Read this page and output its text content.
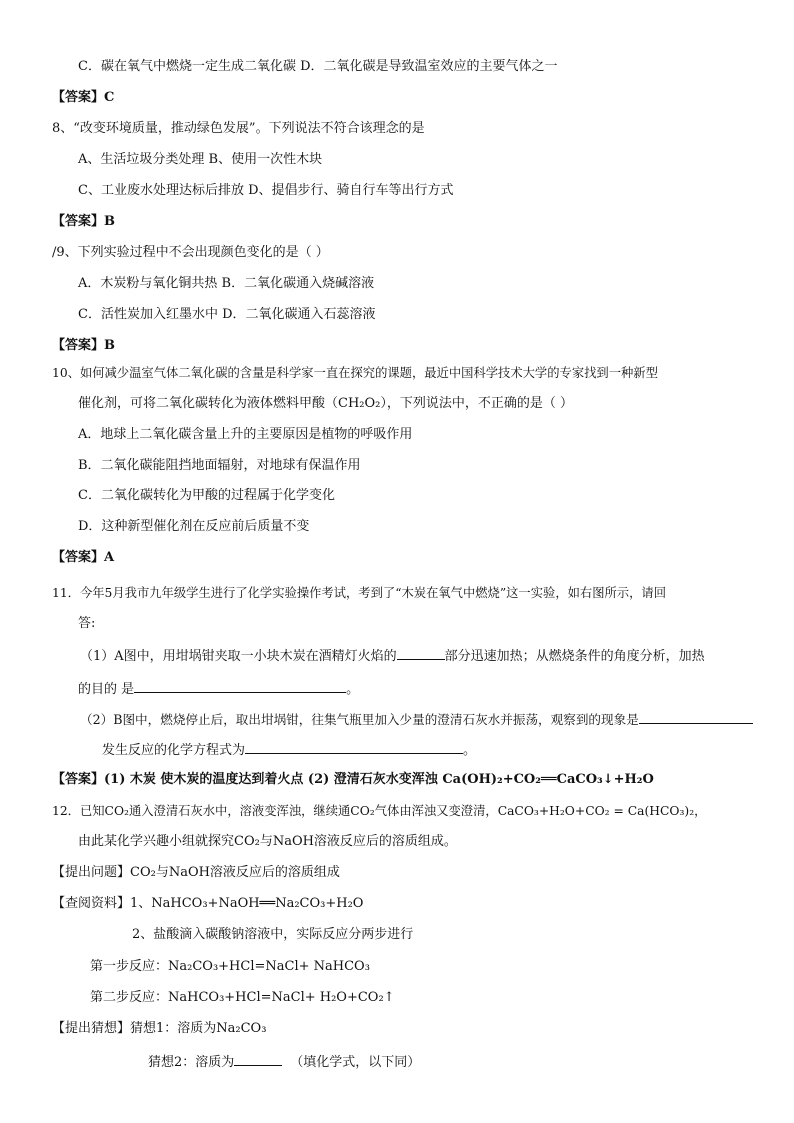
C．碳在氧气中燃烧一定生成二氧化碳 D．二氧化碳是导致温室效应的主要气体之一
【答案】C
8、“改变环境质量，推动绿色发展”。下列说法不符合该理念的是
A、生活垃圾分类处理 B、使用一次性木块
C、工业废水处理达标后排放 D、提倡步行、骑自行车等出行方式
【答案】B
/9、下列实验过程中不会出现颜色变化的是（ ）
A．木炭粉与氧化铜共热 B．二氧化碳通入烧碱溶液
C．活性炭加入红墨水中 D．二氧化碳通入石蕊溶液
【答案】B
10、如何减少温室气体二氧化碳的含量是科学家一直在探究的课题，最近中国科学技术大学的专家找到一种新型
催化剂，可将二氧化碳转化为液体燃料甲酸（CH₂O₂），下列说法中，不正确的是（ ）
A．地球上二氧化碳含量上升的主要原因是植物的呼吸作用
B．二氧化碳能阻挡地面辐射，对地球有保温作用
C．二氧化碳转化为甲酸的过程属于化学变化
D．这种新型催化剂在反应前后质量不变
【答案】A
11．今年5月我市九年级学生进行了化学实验操作考试，考到了“木炭在氧气中燃烧”这一实验，如右图所示，请回
答:
（1）A图中，用坩埚钳夹取一小块木炭在酒精灯火焰的	部分迅速加热；从燃烧条件的角度分析，加热
的目的 是	。
（2）B图中，燃烧停止后，取出坩埚钳，往集气瓶里加入少量的澄清石灰水并振荡，观察到的现象是
发生反应的化学方程式为	。
【答案】(1) 木炭 使木炭的温度达到着火点 (2) 澄清石灰水变浑浊 Ca(OH)₂+CO₂══CaCO₃↓+H₂O
12．已知CO₂通入澄清石灰水中，溶液变浑浊，继续通CO₂气体由浑浊又变澄清，CaCO₃+H₂O+CO₂ = Ca(HCO₃)₂，
由此某化学兴趣小组就探究CO₂与NaOH溶液反应后的溶质组成。
【提出问题】CO₂与NaOH溶液反应后的溶质组成
【查阅资料】1、NaHCO₃+NaOH══Na₂CO₃+H₂O
2、盐酸滴入碳酸钠溶液中，实际反应分两步进行
第一步反应：Na₂CO₃+HCl=NaCl+ NaHCO₃
第二步反应：NaHCO₃+HCl=NaCl+ H₂O+CO₂↑
【提出猜想】猜想1：溶质为Na₂CO₃
猜想2：溶质为	（填化学式，以下同）
